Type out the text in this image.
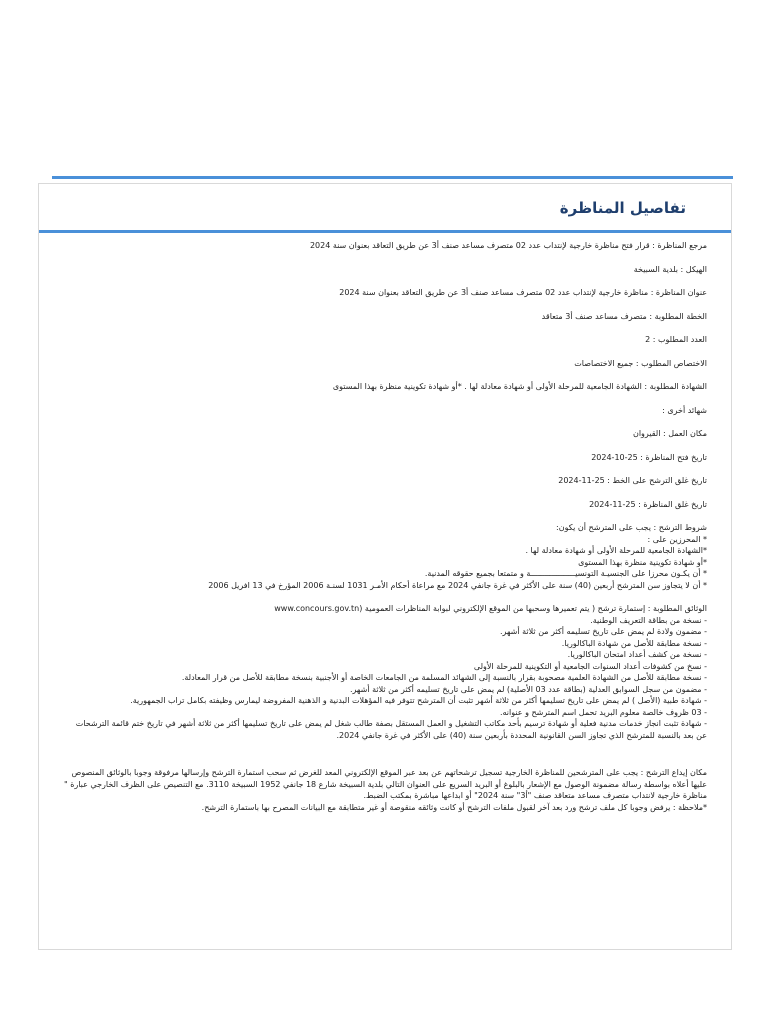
تفاصيل المناظرة

مرجع المناظرة : قرار فتح مناظرة خارجية لإنتداب عدد 02 متصرف مساعد صنف أ3 عن طريق التعاقد بعنوان سنة 2024

الهيكل : بلدية السبيخة

عنوان المناظرة : مناظرة خارجية لإنتداب عدد 02 متصرف مساعد صنف أ3 عن طريق التعاقد بعنوان سنة 2024

الخطة المطلوبة : متصرف مساعد صنف أ3 متعاقد

العدد المطلوب : 2

الاختصاص المطلوب : جميع الاختصاصات

الشهادة المطلوبة : الشهادة الجامعية للمرحلة الأولى أو شهادة معادلة لها . *أو شهادة تكوينية منظرة بهذا المستوى

شهائد أخرى :

مكان العمل : القيروان

تاريخ فتح المناظرة : 25-10-2024

تاريخ غلق الترشح على الخط : 25-11-2024

تاريخ غلق المناظرة : 25-11-2024

شروط الترشح : يجب على المترشح أن يكون:
* المحرزين على :
*الشهادة الجامعية للمرحلة الأولى أو شهادة معادلة لها .
*أو شهادة تكوينية منظرة بهذا المستوى
* أن يكـون محرزا على الجنسيـة التونسيـــــــــــــــــــة و متمتعا بجميع حقوقه المدنية.
* أن لا يتجاوز سن المترشح أربعين (40) سنة على الأكثر في غرة جانفي 2024 مع مراعاة أحكام الأمـر 1031 لسنـة 2006 المؤرخ في 13 افريل 2006

الوثائق المطلوبة : إستمارة ترشح ( يتم تعميرها وسحبها من الموقع الإلكتروني لبوابة المناظرات العمومية (www.concours.gov.tn
- نسخة من بطاقة التعريف الوطنية.
- مضمون ولادة لم يمض على تاريخ تسليمه أكثر من ثلاثة أشهر.
- نسخة مطابقة للأصل من شهادة الباكالوريا.
- نسخة من كشف أعداد امتحان الباكالوريا.
- نسخ من كشوفات أعداد السنوات الجامعية أو التكوينية للمرحلة الأولى
- نسخة مطابقة للأصل من الشهادة العلمية مصحوبة بقرار بالنسبة إلى الشهائد المسلمة من الجامعات الخاصة أو الأجنبية بنسخة مطابقة للأصل من قرار المعادلة.
- مضمون من سجل السوابق العدلية (بطاقة عدد 03 الأصلية) لم يمض على تاريخ تسليمه أكثر من ثلاثة أشهر.
- شهادة طبية (الأصل ) لم يمض على تاريخ تسليمها أكثر من ثلاثة أشهر تثبت أن المترشح تتوفر فيه المؤهلات البدنية و الذهنية المفروضة ليمارس وظيفته بكامل تراب الجمهورية.
- 03 ظروف خالصة معلوم البريد تحمل اسم المترشح و عنوانه.
- شهادة تثبت انجاز خدمات مدنية فعلية أو شهادة ترسيم بأحد مكاتب التشغيل و العمل المستقل بصفة طالب شغل لم يمض على تاريخ تسليمها أكثر من ثلاثة أشهر في تاريخ ختم قائمة الترشحات عن بعد بالنسبة للمترشح الذي تجاوز السن القانونية المحددة بأربعين سنة (40) على الأكثر في غرة جانفي 2024.

مكان إيداع الترشح : يجب على المترشحين للمناظرة الخارجية تسجيل ترشحاتهم عن بعد عبر الموقع الإلكتروني المعد للغرض ثم سحب استمارة الترشح وإرسالها مرفوقة وجوبا بالوثائق المنصوص عليها أعلاه بواسطة رسالة مضمونة الوصول مع الإشعار بالبلوغ أو البريد السريع على العنوان التالي بلدية السبيخة شارع 18 جانفي 1952 السبيخة 3110. مع التنصيص على الظرف الخارجي عبارة " مناظرة خارجية لانتداب متصرف مساعد متعاقد صنف "أ3" سنة 2024" أو ابداعها مباشرة بمكتب الضبط.
*ملاحظة : يرفض وجوبا كل ملف ترشح ورد بعد آخر لقبول ملفات الترشح أو كانت وثائقه منقوصة أو غير متطابقة مع البيانات المصرح بها باستمارة الترشح.
